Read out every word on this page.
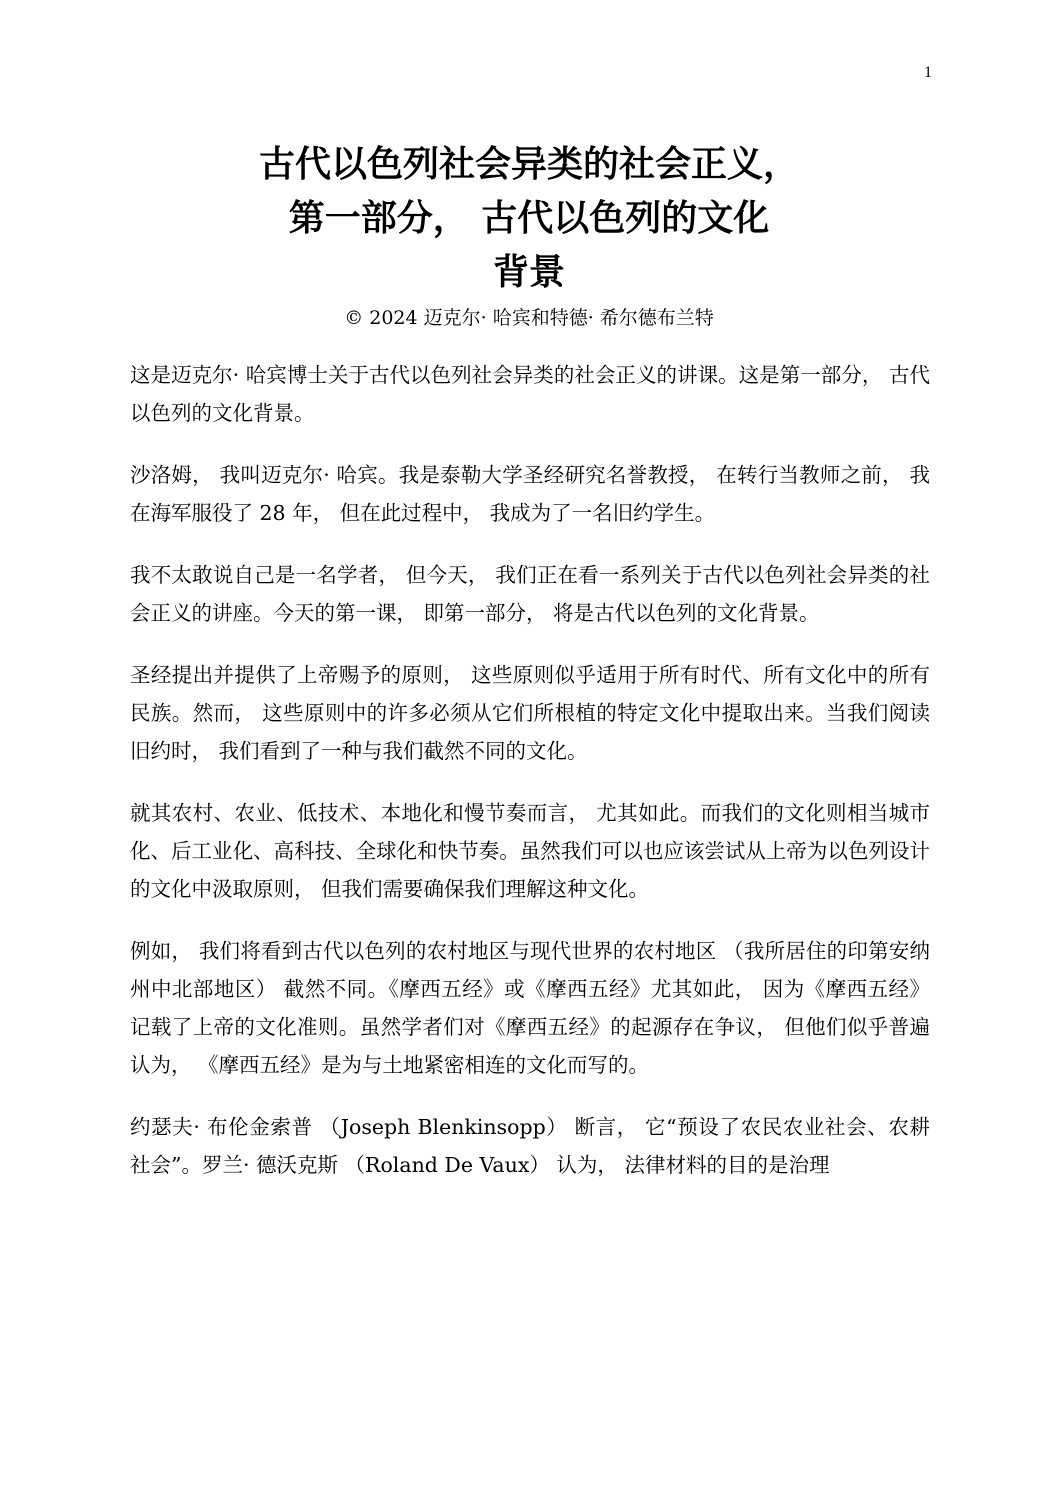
1

古代以色列社会异类的社会正义，

第一部分， 古代以色列的文化

背景

© 2024 迈克尔· 哈宾和特德· 希尔德布兰特

这是迈克尔· 哈宾博士关于古代以色列社会异类的社会正义的讲课。这是第一部分， 古代以色列的文化背景。

沙洛姆， 我叫迈克尔· 哈宾。我是泰勒大学圣经研究名誉教授， 在转行当教师之前， 我在海军服役了 28 年， 但在此过程中， 我成为了一名旧约学生。

我不太敢说自己是一名学者， 但今天， 我们正在看一系列关于古代以色列社会异类的社会正义的讲座。今天的第一课， 即第一部分， 将是古代以色列的文化背景。

圣经提出并提供了上帝赐予的原则， 这些原则似乎适用于所有时代、所有文化中的所有民族。然而， 这些原则中的许多必须从它们所根植的特定文化中提取出来。当我们阅读旧约时， 我们看到了一种与我们截然不同的文化。

就其农村、农业、低技术、本地化和慢节奏而言， 尤其如此。而我们的文化则相当城市化、后工业化、高科技、全球化和快节奏。虽然我们可以也应该尝试从上帝为以色列设计的文化中汲取原则， 但我们需要确保我们理解这种文化。

例如， 我们将看到古代以色列的农村地区与现代世界的农村地区 （我所居住的印第安纳州中北部地区） 截然不同。《摩西五经》或《摩西五经》尤其如此， 因为《摩西五经》记载了上帝的文化准则。虽然学者们对《摩西五经》的起源存在争议， 但他们似乎普遍认为， 《摩西五经》是为与土地紧密相连的文化而写的。

约瑟夫· 布伦金索普 （Joseph Blenkinsopp） 断言， 它“预设了农民农业社会、农耕社会”。罗兰· 德沃克斯 （Roland De Vaux） 认为， 法律材料的目的是治理
